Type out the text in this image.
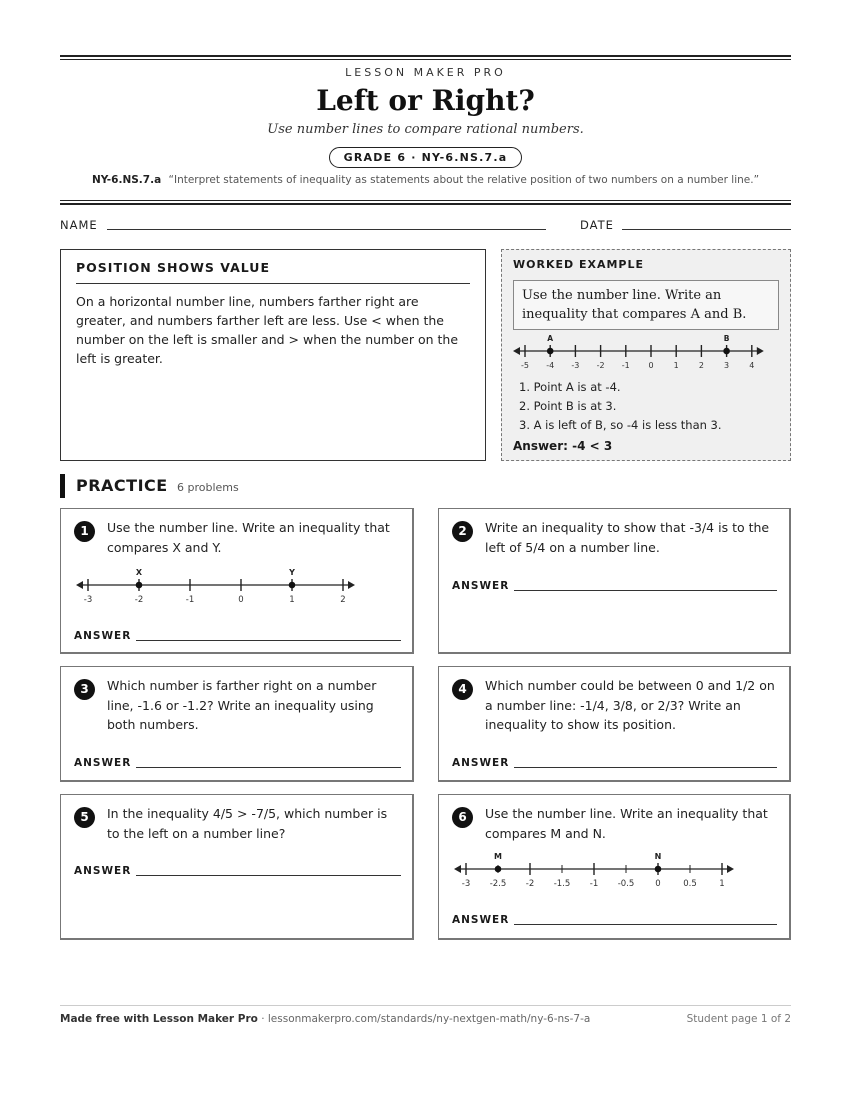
LESSON MAKER PRO
Left or Right?
Use number lines to compare rational numbers.
GRADE 6 · NY-6.NS.7.a
NY-6.NS.7.a “Interpret statements of inequality as statements about the relative position of two numbers on a number line.”
NAME	DATE
POSITION SHOWS VALUE
On a horizontal number line, numbers farther right are greater, and numbers farther left are less. Use < when the number on the left is smaller and > when the number on the left is greater.
WORKED EXAMPLE
Use the number line. Write an inequality that compares A and B.
-5 -4 -3 -2 -1 0	1	2	3	4
A	B
1. Point A is at -4.
2. Point B is at 3.
3. A is left of B, so -4 is less than 3.
Answer: -4 < 3
PRACTICE 6 problems
1	Use the number line. Write an inequality that compares X and Y.
-3	-2	-1	0	1	2
X	Y
ANSWER
2	Write an inequality to show that -3/4 is to the left of 5/4 on a number line.
ANSWER
3	Which number is farther right on a number line, -1.6 or -1.2? Write an inequality using both numbers.
ANSWER
4	Which number could be between 0 and 1/2 on a number line: -1/4, 3/8, or 2/3? Write an inequality to show its position.
ANSWER
5	In the inequality 4/5 > -7/5, which number is to the left on a number line?
ANSWER
6	Use the number line. Write an inequality that compares M and N.
-3 -2.5 -2 -1.5 -1 -0.5 0	0.5	1
M	N
ANSWER
Made free with Lesson Maker Pro · lessonmakerpro.com/standards/ny-nextgen-math/ny-6-ns-7-a	Student page 1 of 2
